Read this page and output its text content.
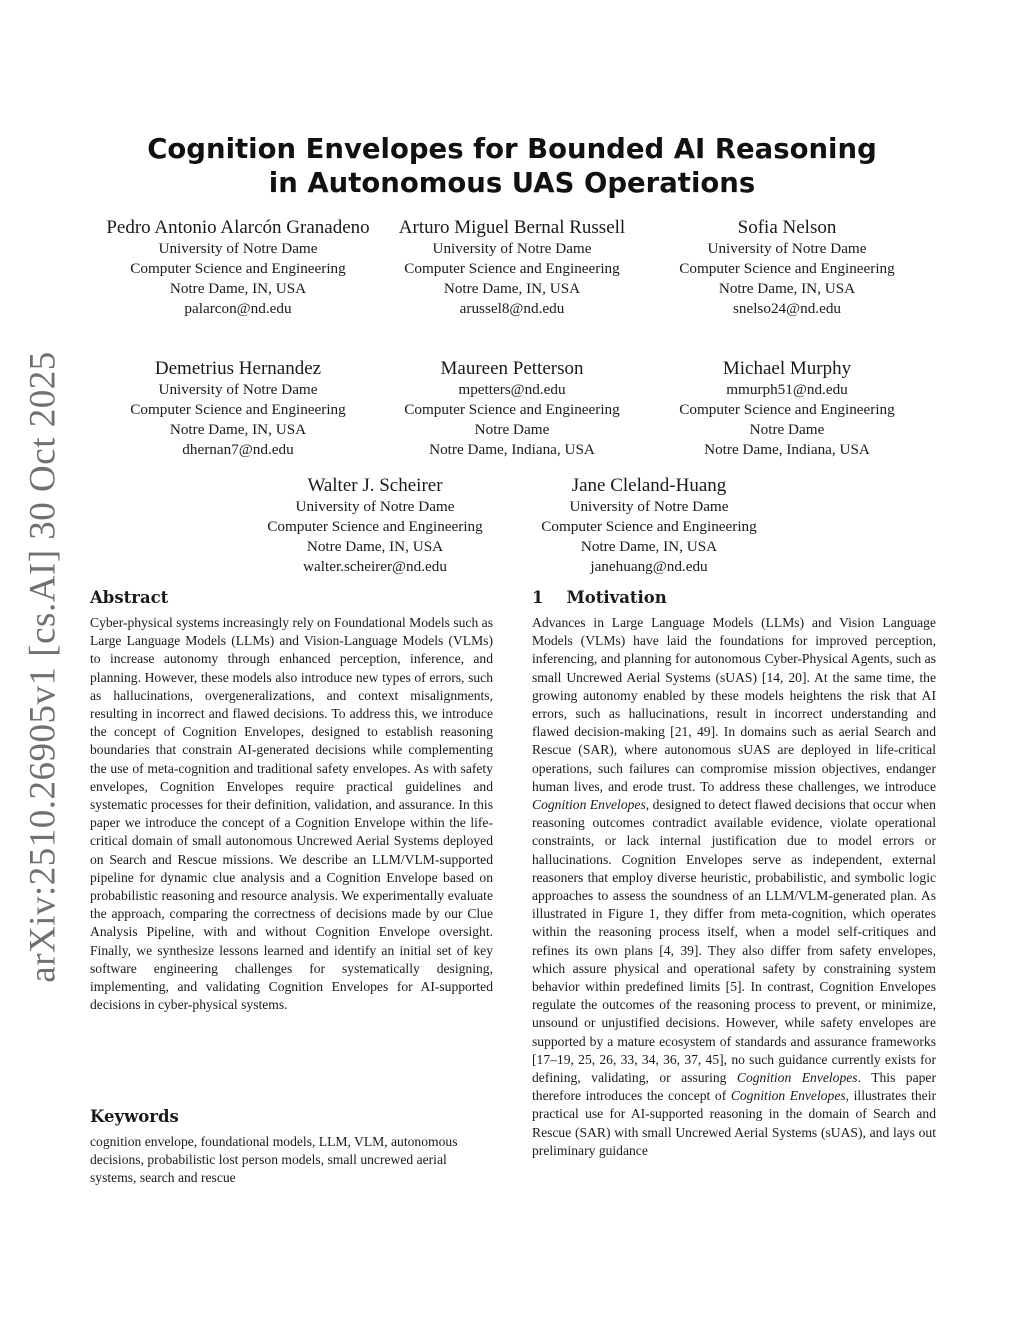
arXiv:2510.26905v1 [cs.AI] 30 Oct 2025
Cognition Envelopes for Bounded AI Reasoning
in Autonomous UAS Operations
Pedro Antonio Alarcón Granadeno
University of Notre Dame
Computer Science and Engineering
Notre Dame, IN, USA
palarcon@nd.edu
Arturo Miguel Bernal Russell
University of Notre Dame
Computer Science and Engineering
Notre Dame, IN, USA
arussel8@nd.edu
Sofia Nelson
University of Notre Dame
Computer Science and Engineering
Notre Dame, IN, USA
snelso24@nd.edu
Demetrius Hernandez
University of Notre Dame
Computer Science and Engineering
Notre Dame, IN, USA
dhernan7@nd.edu
Maureen Petterson
mpetters@nd.edu
Computer Science and Engineering
Notre Dame
Notre Dame, Indiana, USA
Michael Murphy
mmurph51@nd.edu
Computer Science and Engineering
Notre Dame
Notre Dame, Indiana, USA
Walter J. Scheirer
University of Notre Dame
Computer Science and Engineering
Notre Dame, IN, USA
walter.scheirer@nd.edu
Jane Cleland-Huang
University of Notre Dame
Computer Science and Engineering
Notre Dame, IN, USA
janehuang@nd.edu
Abstract

Cyber-physical systems increasingly rely on Foundational Models such as Large Language Models (LLMs) and Vision-Language Models (VLMs) to increase autonomy through enhanced perception, inference, and planning. However, these models also introduce new types of errors, such as hallucinations, overgeneralizations, and context misalignments, resulting in incorrect and flawed decisions. To address this, we introduce the concept of Cognition Envelopes, designed to establish reasoning boundaries that constrain AI-generated decisions while complementing the use of meta-cognition and traditional safety envelopes. As with safety envelopes, Cognition Envelopes require practical guidelines and systematic processes for their definition, validation, and assurance. In this paper we introduce the concept of a Cognition Envelope within the life-critical domain of small autonomous Uncrewed Aerial Systems deployed on Search and Rescue missions. We describe an LLM/VLM-supported pipeline for dynamic clue analysis and a Cognition Envelope based on probabilistic reasoning and resource analysis. We experimentally evaluate the approach, comparing the correctness of decisions made by our Clue Analysis Pipeline, with and without Cognition Envelope oversight. Finally, we synthesize lessons learned and identify an initial set of key software engineering challenges for systematically designing, implementing, and validating Cognition Envelopes for AI-supported decisions in cyber-physical systems.

Keywords

cognition envelope, foundational models, LLM, VLM, autonomous decisions, probabilistic lost person models, small uncrewed aerial systems, search and rescue

1    Motivation

Advances in Large Language Models (LLMs) and Vision Language Models (VLMs) have laid the foundations for improved perception, inferencing, and planning for autonomous Cyber-Physical Agents, such as small Uncrewed Aerial Systems (sUAS) [14, 20]. At the same time, the growing autonomy enabled by these models heightens the risk that AI errors, such as hallucinations, result in incorrect understanding and flawed decision-making [21, 49]. In domains such as aerial Search and Rescue (SAR), where autonomous sUAS are deployed in life-critical operations, such failures can compromise mission objectives, endanger human lives, and erode trust. To address these challenges, we introduce Cognition Envelopes, designed to detect flawed decisions that occur when reasoning outcomes contradict available evidence, violate operational constraints, or lack internal justification due to model errors or hallucinations. Cognition Envelopes serve as independent, external reasoners that employ diverse heuristic, probabilistic, and symbolic logic approaches to assess the soundness of an LLM/VLM-generated plan. As illustrated in Figure 1, they differ from meta-cognition, which operates within the reasoning process itself, when a model self-critiques and refines its own plans [4, 39]. They also differ from safety envelopes, which assure physical and operational safety by constraining system behavior within predefined limits [5]. In contrast, Cognition Envelopes regulate the outcomes of the reasoning process to prevent, or minimize, unsound or unjustified decisions. However, while safety envelopes are supported by a mature ecosystem of standards and assurance frameworks [17–19, 25, 26, 33, 34, 36, 37, 45], no such guidance currently exists for defining, validating, or assuring Cognition Envelopes. This paper therefore introduces the concept of Cognition Envelopes, illustrates their practical use for AI-supported reasoning in the domain of Search and Rescue (SAR) with small Uncrewed Aerial Systems (sUAS), and lays out preliminary guidance
